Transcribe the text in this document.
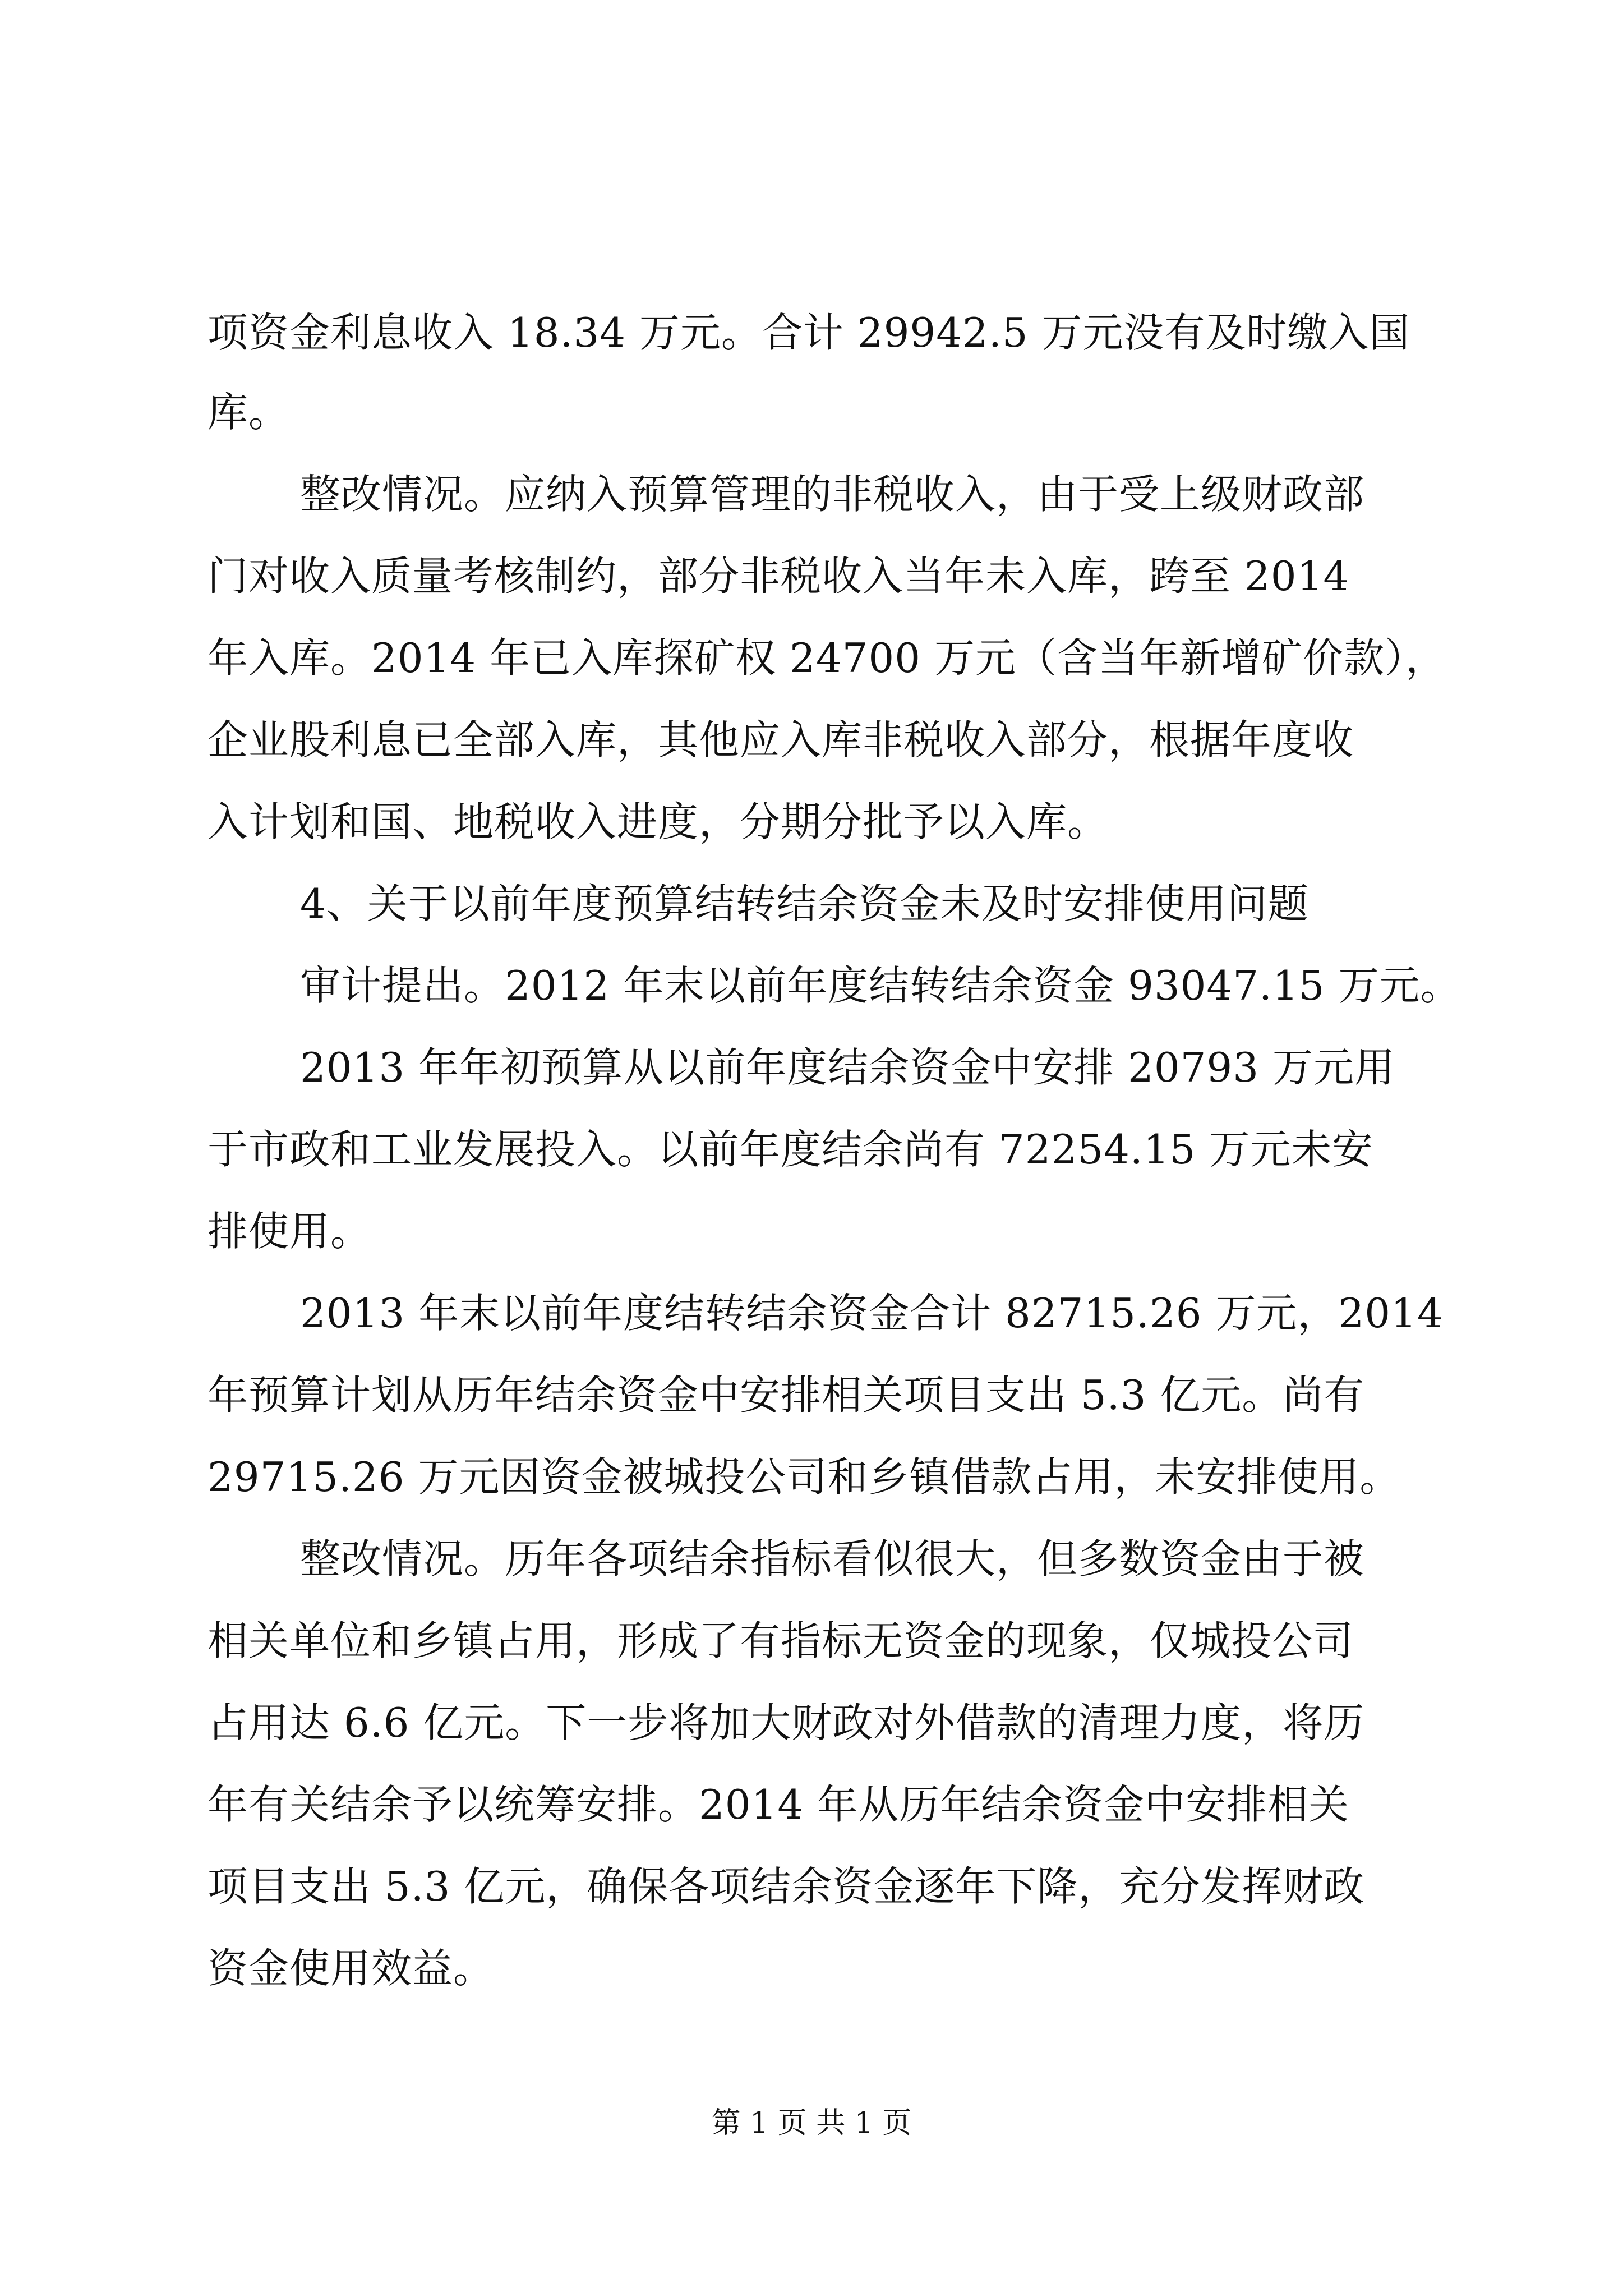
项资金利息收入 18.34 万元。合计 29942.5 万元没有及时缴入国
库。
整改情况。应纳入预算管理的非税收入，由于受上级财政部
门对收入质量考核制约，部分非税收入当年未入库，跨至 2014
年入库。2014 年已入库探矿权 24700 万元（含当年新增矿价款），
企业股利息已全部入库，其他应入库非税收入部分，根据年度收
入计划和国、地税收入进度，分期分批予以入库。
4、关于以前年度预算结转结余资金未及时安排使用问题
审计提出。2012 年末以前年度结转结余资金 93047.15 万元。
2013 年年初预算从以前年度结余资金中安排 20793 万元用
于市政和工业发展投入。以前年度结余尚有 72254.15 万元未安
排使用。
2013 年末以前年度结转结余资金合计 82715.26 万元，2014
年预算计划从历年结余资金中安排相关项目支出 5.3 亿元。尚有
29715.26 万元因资金被城投公司和乡镇借款占用，未安排使用。
整改情况。历年各项结余指标看似很大，但多数资金由于被
相关单位和乡镇占用，形成了有指标无资金的现象，仅城投公司
占用达 6.6 亿元。下一步将加大财政对外借款的清理力度，将历
年有关结余予以统筹安排。2014 年从历年结余资金中安排相关
项目支出 5.3 亿元，确保各项结余资金逐年下降，充分发挥财政
资金使用效益。
第 1 页 共 1 页
